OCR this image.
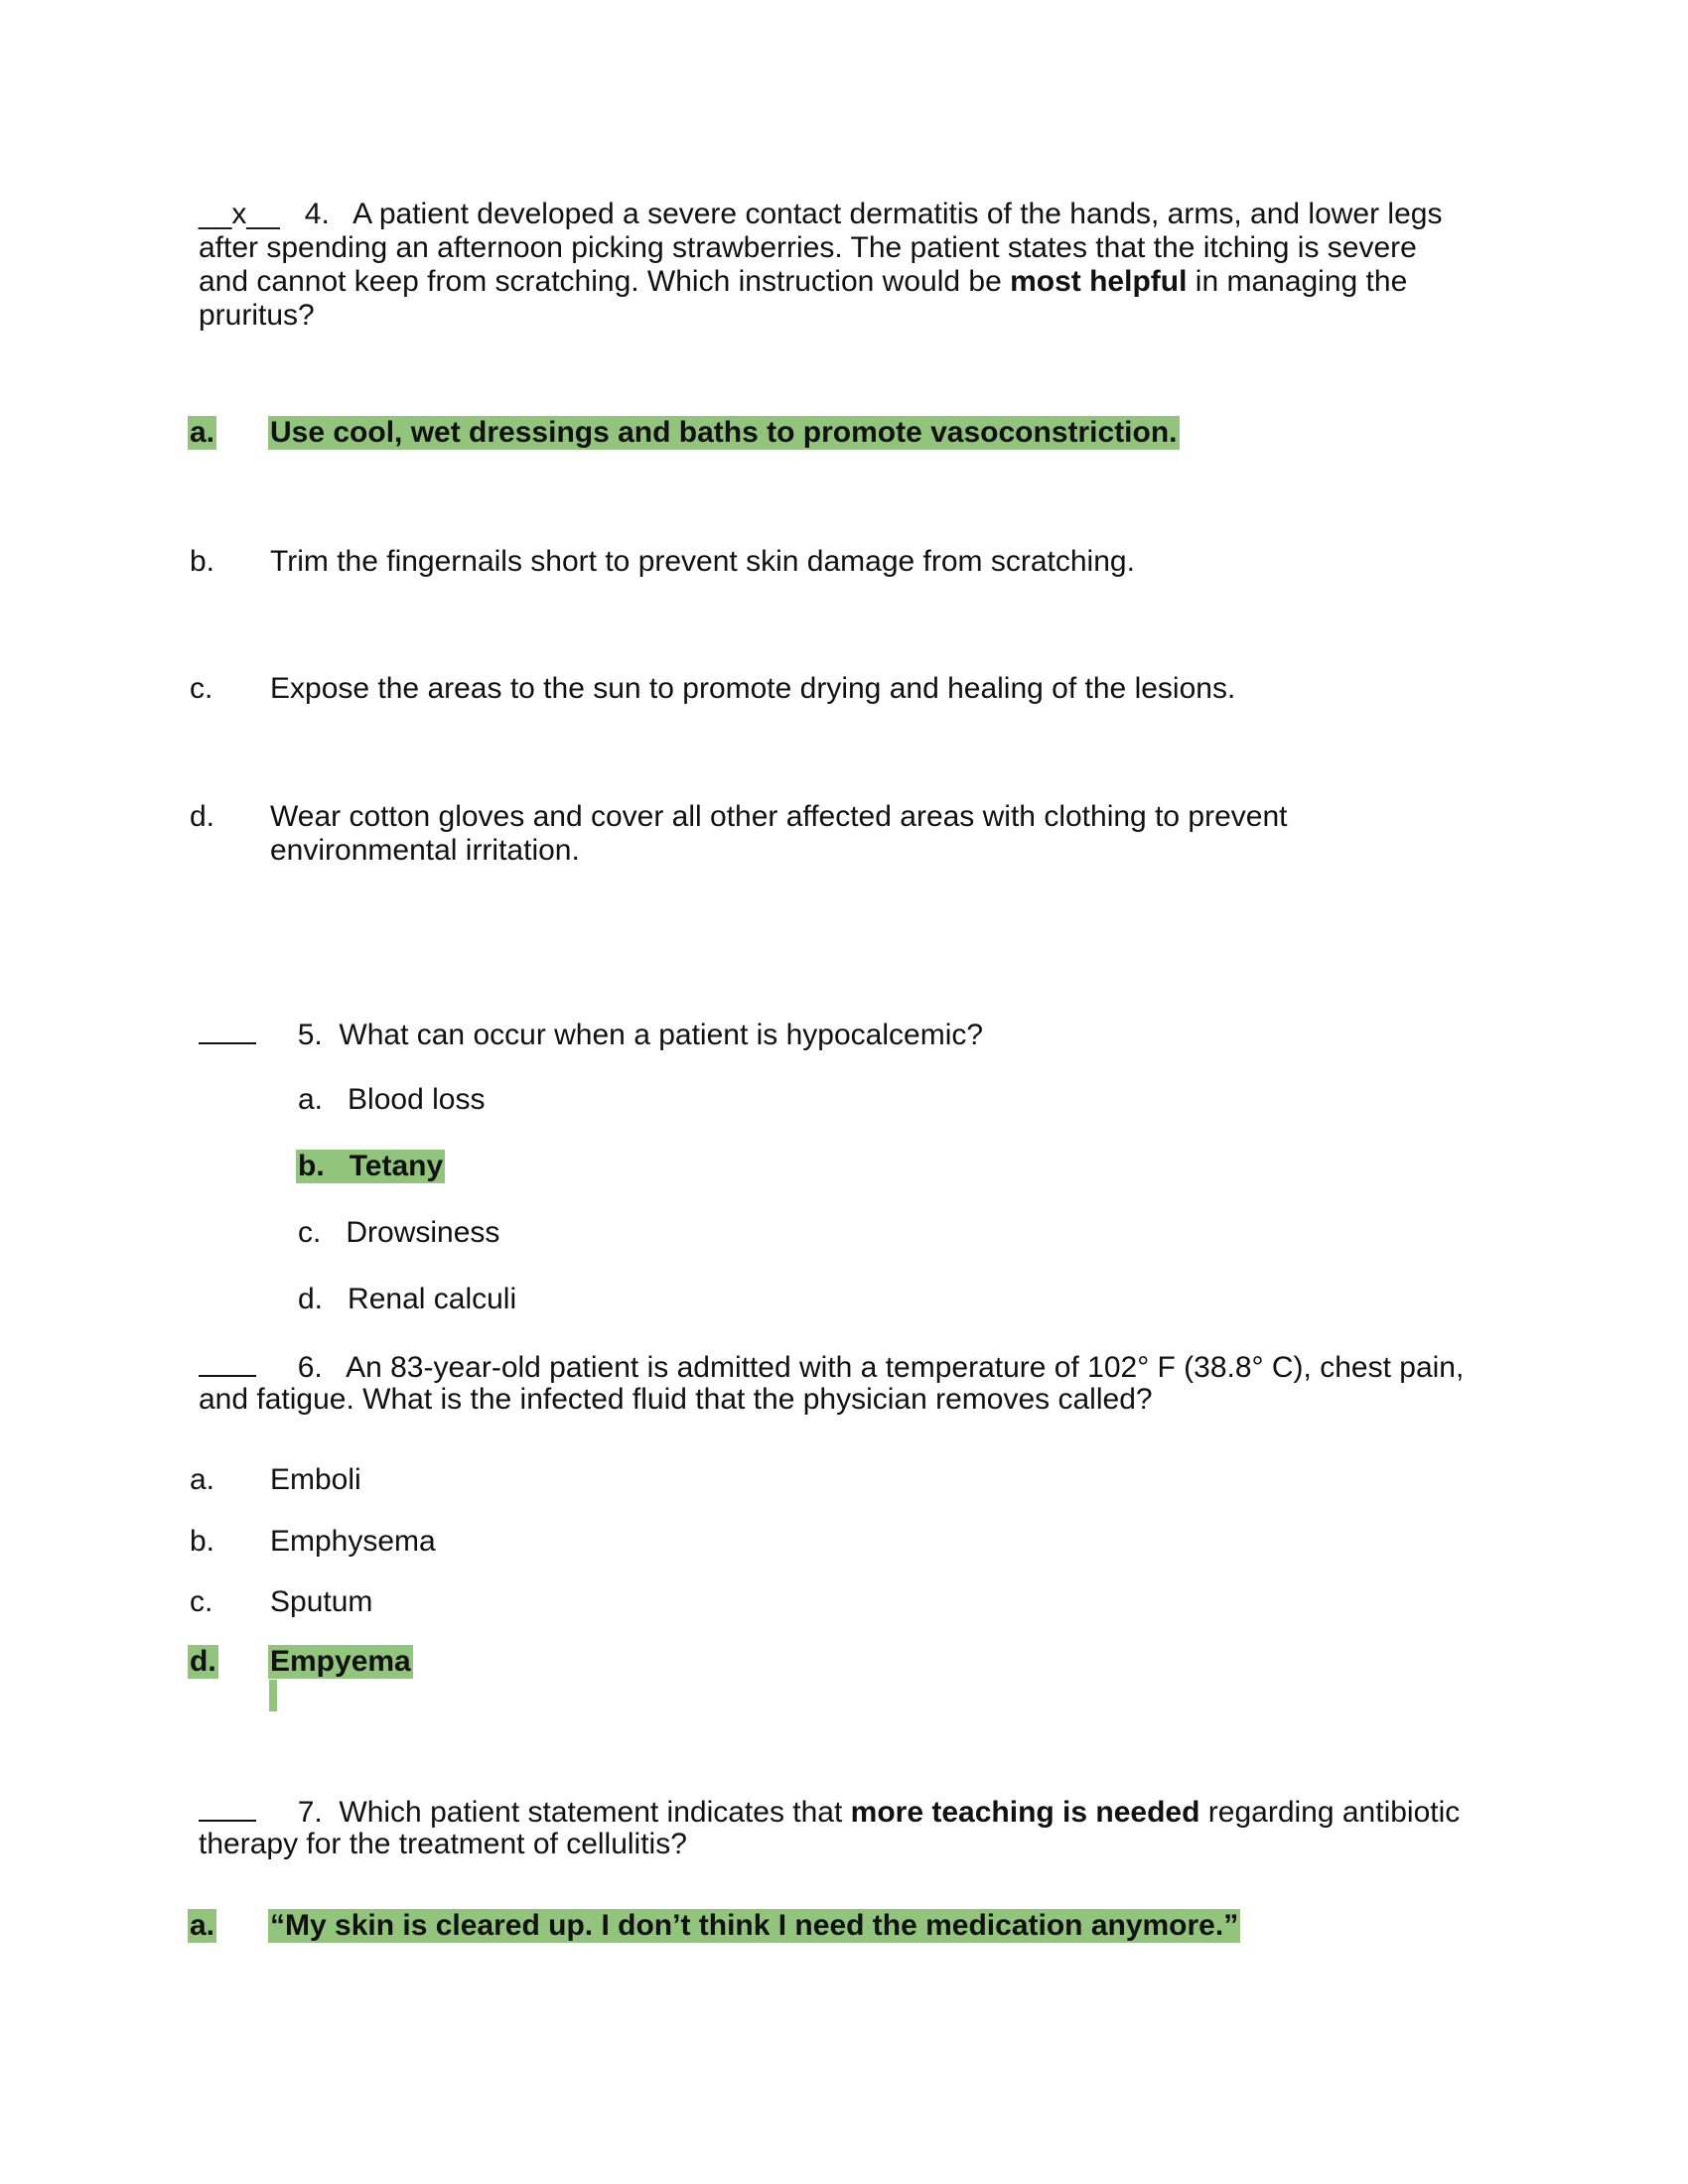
__x__ 4. A patient developed a severe contact dermatitis of the hands, arms, and lower legs
after spending an afternoon picking strawberries. The patient states that the itching is severe
and cannot keep from scratching. Which instruction would be most helpful in managing the
pruritus?
a. Use cool, wet dressings and baths to promote vasoconstriction.
b. Trim the fingernails short to prevent skin damage from scratching.
c. Expose the areas to the sun to promote drying and healing of the lesions.
d. Wear cotton gloves and cover all other affected areas with clothing to prevent
environmental irritation.
5. What can occur when a patient is hypocalcemic?
a. Blood loss
b. Tetany
c. Drowsiness
d. Renal calculi
6. An 83-year-old patient is admitted with a temperature of 102° F (38.8° C), chest pain,
and fatigue. What is the infected fluid that the physician removes called?
a. Emboli
b. Emphysema
c. Sputum
d. Empyema
7. Which patient statement indicates that more teaching is needed regarding antibiotic
therapy for the treatment of cellulitis?
a. “My skin is cleared up. I don’t think I need the medication anymore.”
